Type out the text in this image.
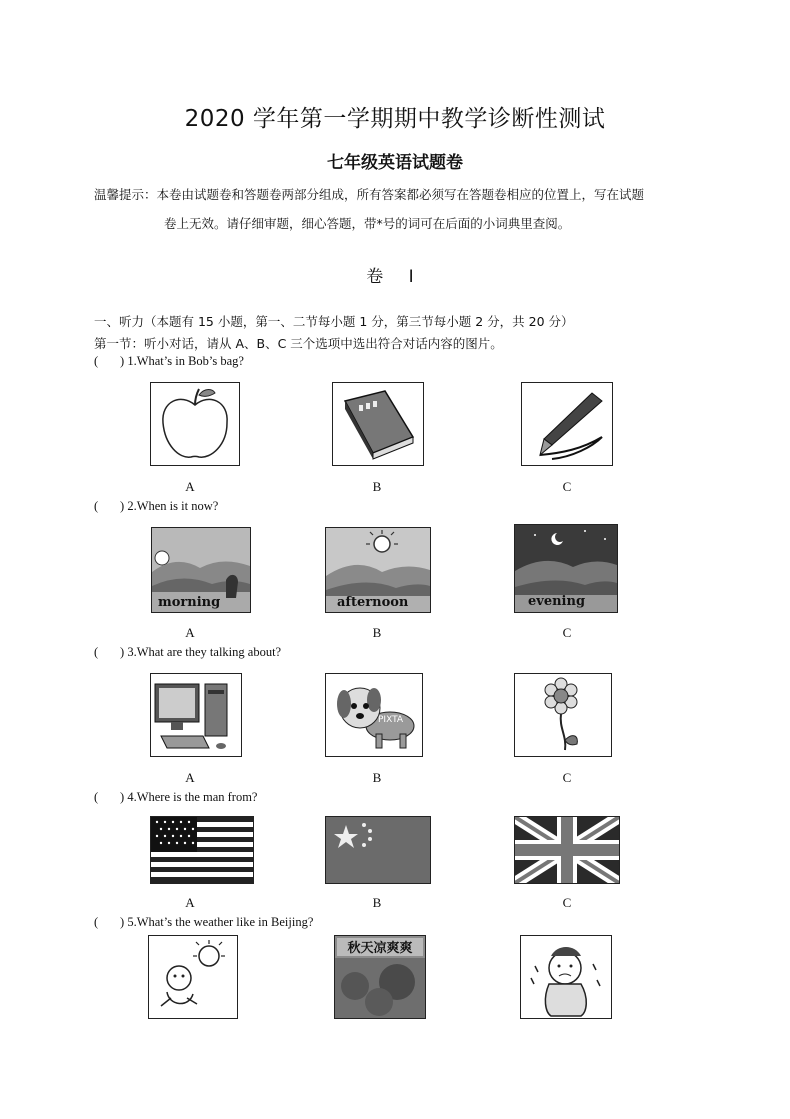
2020 学年第一学期期中教学诊断性测试
七年级英语试题卷
温馨提示：本卷由试题卷和答题卷两部分组成，所有答案都必须写在答题卷相应的位置上，写在试题
卷上无效。请仔细审题，细心答题，带*号的词可在后面的小词典里查阅。
卷 I
一、听力（本题有 15 小题，第一、二节每小题 1 分，第三节每小题 2 分，共 20 分）
第一节：听小对话，请从 A、B、C 三个选项中选出符合对话内容的图片。
(       ) 1.What’s in Bob’s bag?
A	B	C
(       ) 2.When is it now?
morning	afternoon	evening
A	B	C
(       ) 3.What are they talking about?
PIXTA
A	B	C
(       ) 4.Where is the man from?
A	B	C
(       ) 5.What’s the weather like in Beijing?
秋天凉爽爽
